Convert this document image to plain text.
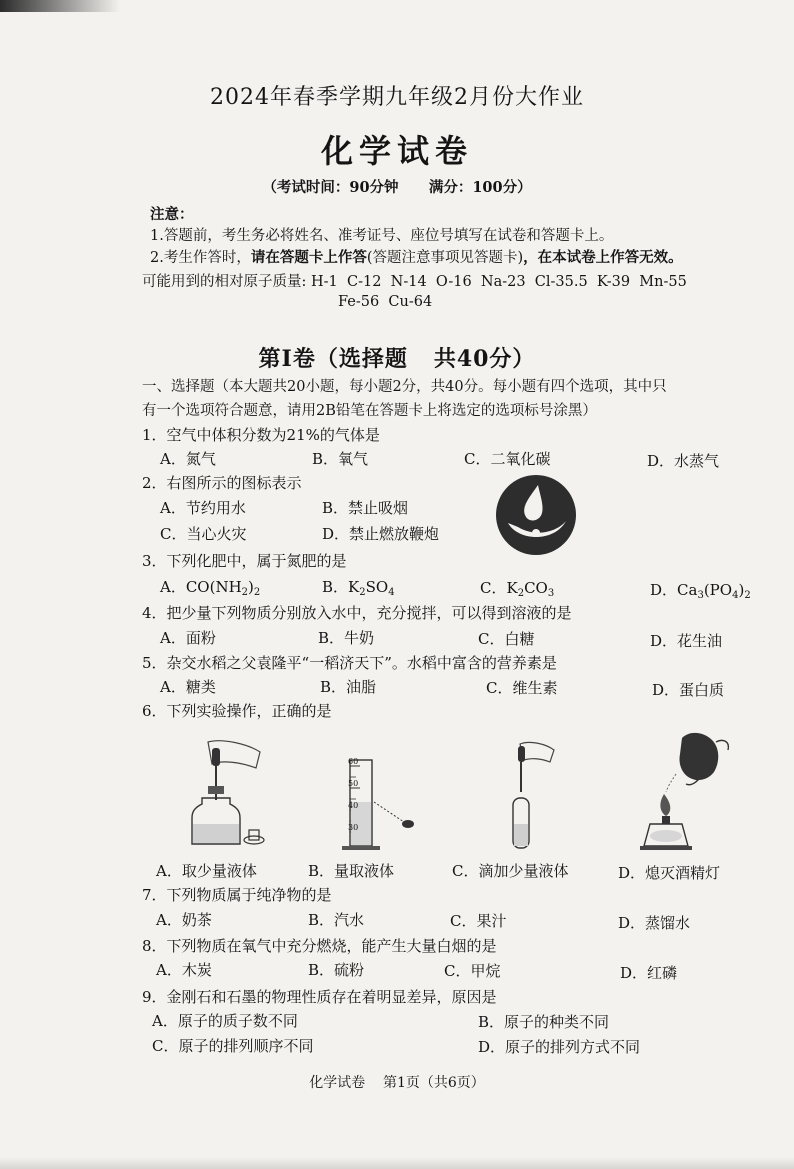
2024年春季学期九年级2月份大作业
化学试卷
（考试时间：90分钟 满分：100分）
注意：
1.答题前，考生务必将姓名、准考证号、座位号填写在试卷和答题卡上。
2.考生作答时，请在答题卡上作答(答题注意事项见答题卡)，在本试卷上作答无效。
可能用到的相对原子质量: H-1  C-12  N-14  O-16  Na-23  Cl-35.5  K-39  Mn-55
Fe-56  Cu-64
第Ⅰ卷（选择题   共40分）
一、选择题（本大题共20小题，每小题2分，共40分。每小题有四个选项，其中只
有一个选项符合题意，请用2B铅笔在答题卡上将选定的选项标号涂黑）
1．空气中体积分数为21%的气体是
A．氮气	B．氧气	C．二氧化碳	D．水蒸气
2．右图所示的图标表示
A．节约用水	B．禁止吸烟
C．当心火灾	D．禁止燃放鞭炮
3．下列化肥中，属于氮肥的是
A．$CO(NH_2)_2$	B．$K_2SO_4$	C．$K_2CO_3$	D．$Ca_3(PO_4)_2$
4．把少量下列物质分别放入水中，充分搅拌，可以得到溶液的是
A．面粉	B．牛奶	C．白糖	D．花生油
5．杂交水稻之父袁隆平“一稻济天下”。水稻中富含的营养素是
A．糖类	B．油脂	C．维生素	D．蛋白质
6．下列实验操作，正确的是
60
50
40
30
A．取少量液体	B．量取液体	C．滴加少量液体	D．熄灭酒精灯
7．下列物质属于纯净物的是
A．奶茶	B．汽水	C．果汁	D．蒸馏水
8．下列物质在氧气中充分燃烧，能产生大量白烟的是
A．木炭	B．硫粉	C．甲烷	D．红磷
9．金刚石和石墨的物理性质存在着明显差异，原因是
A．原子的质子数不同	B．原子的种类不同
C．原子的排列顺序不同	D．原子的排列方式不同
化学试卷    第1页（共6页）
